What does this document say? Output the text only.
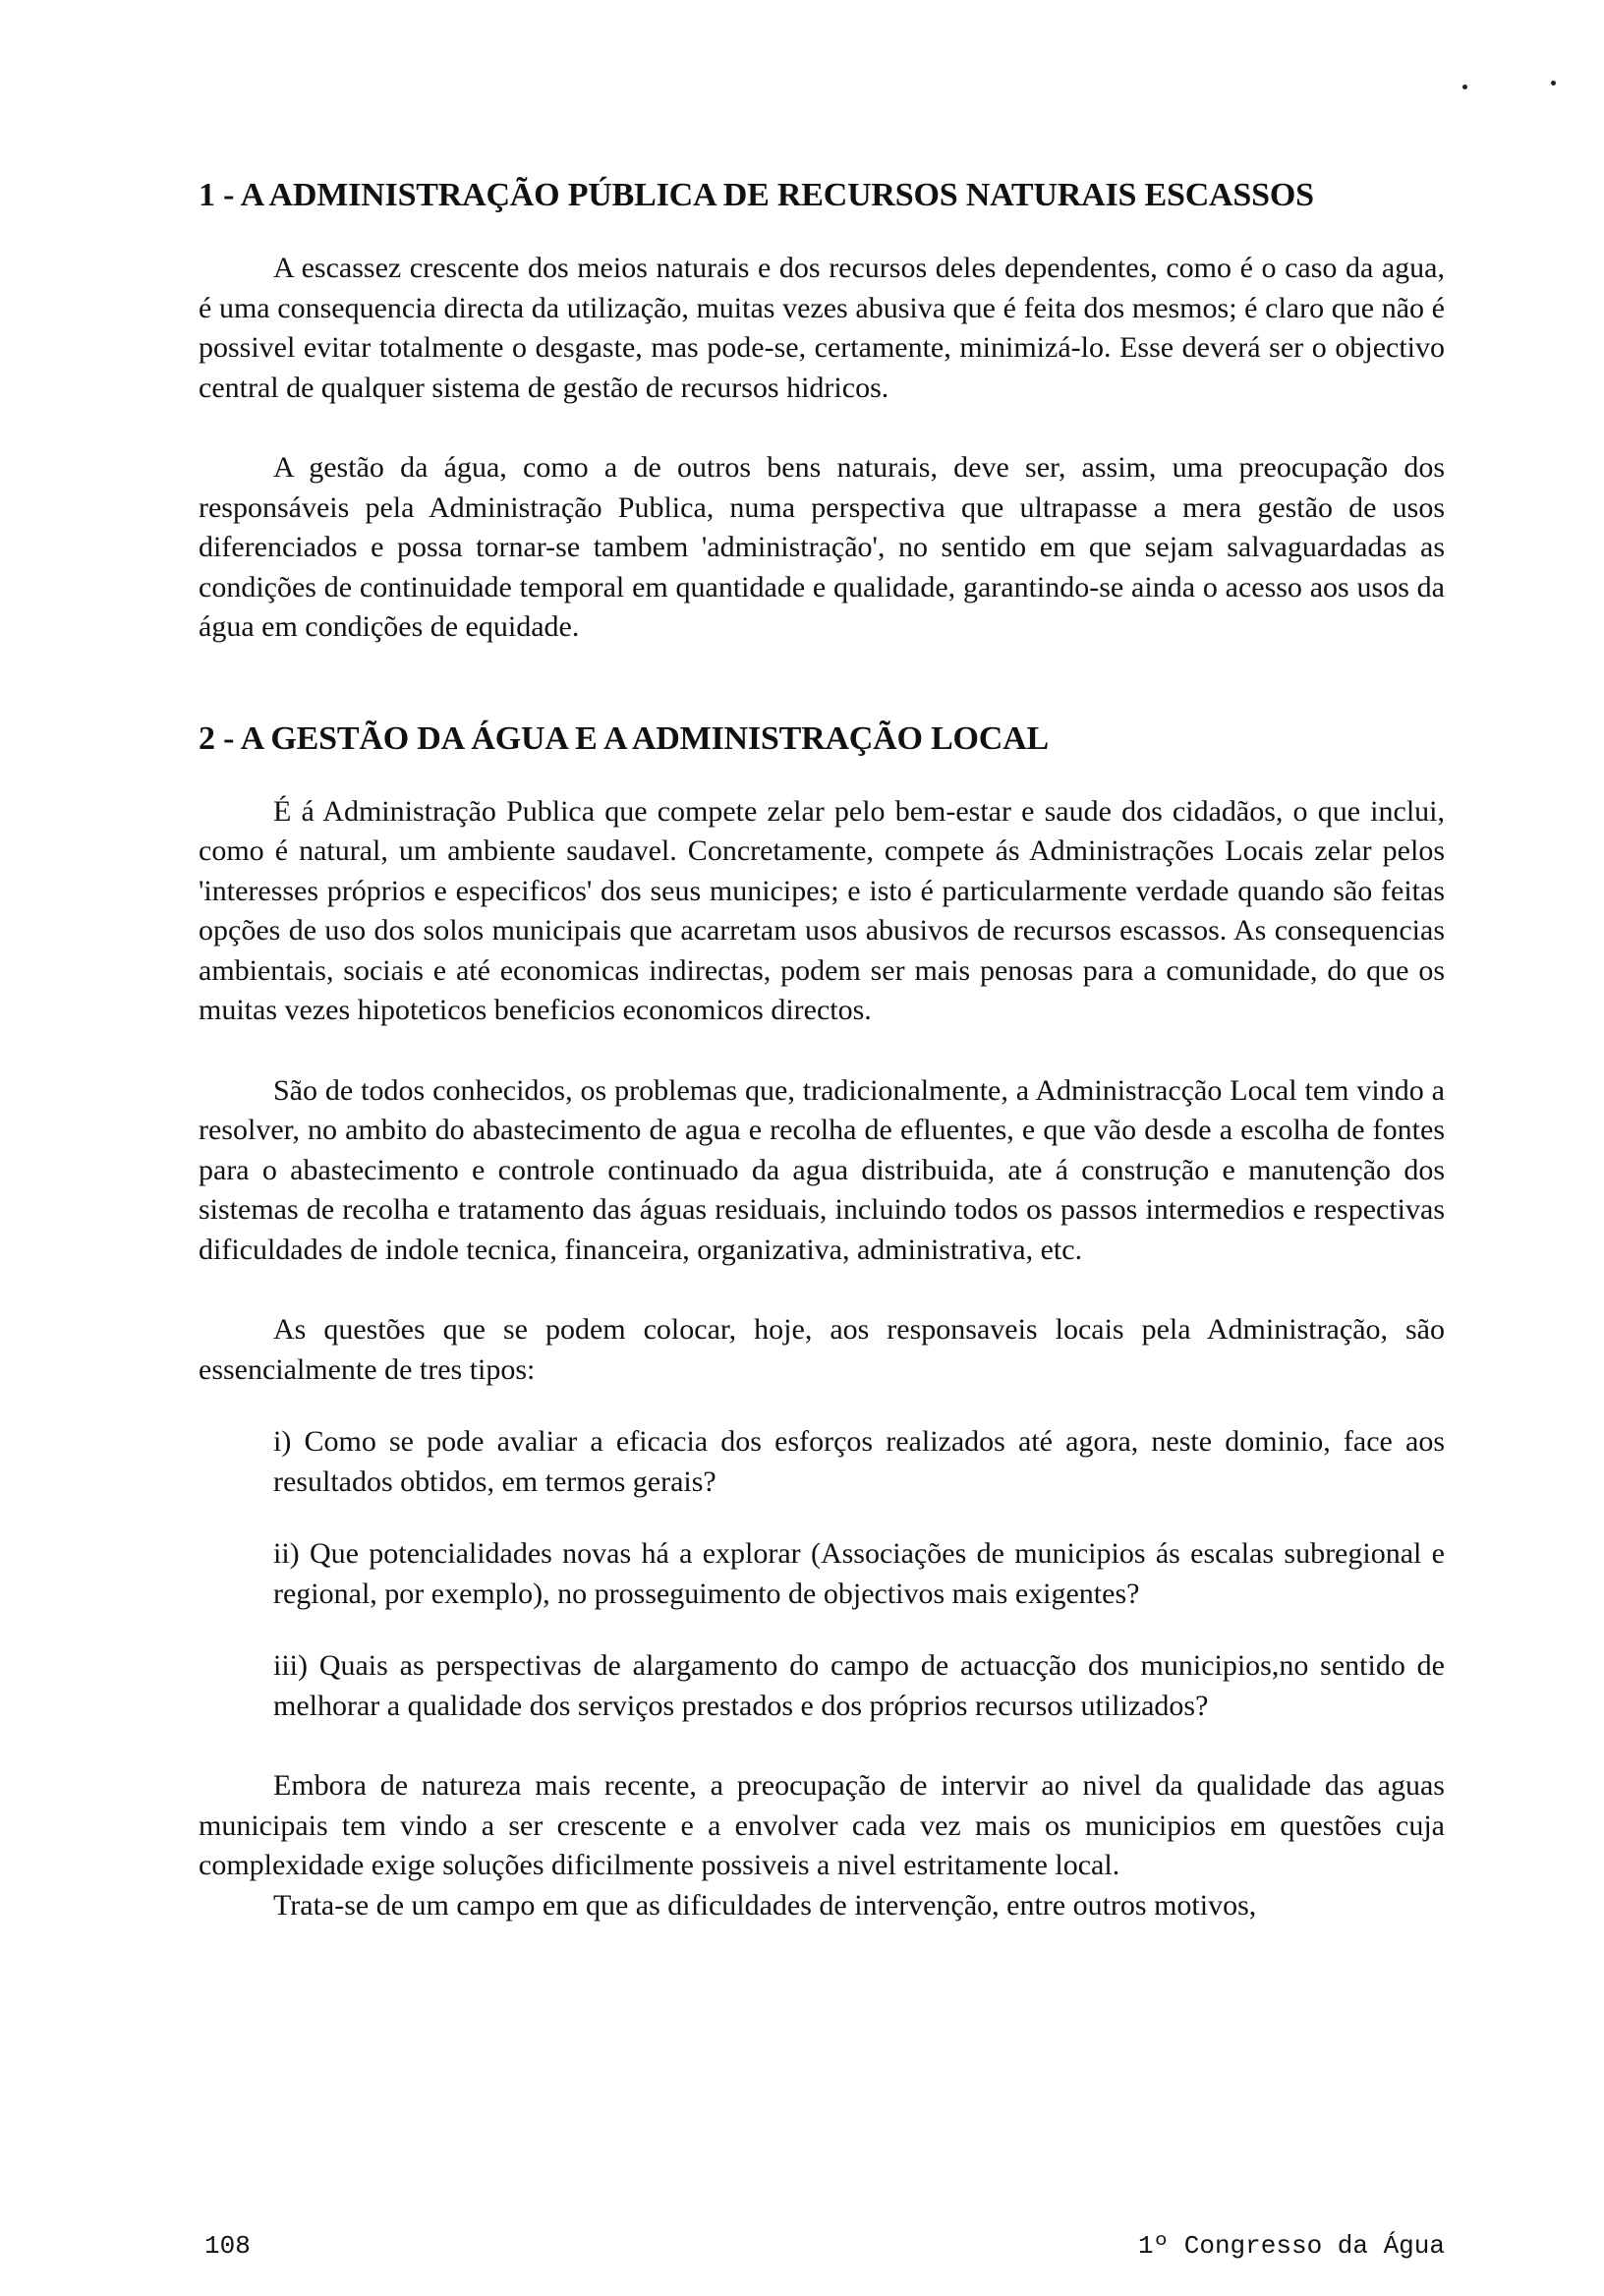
1 - A ADMINISTRAÇÃO PÚBLICA DE RECURSOS NATURAIS ESCASSOS

A escassez crescente dos meios naturais e dos recursos deles dependentes, como é o caso da agua, é uma consequencia directa da utilização, muitas vezes abusiva que é feita dos mesmos; é claro que não é possivel evitar totalmente o desgaste, mas pode-se, certamente, minimizá-lo. Esse deverá ser o objectivo central de qualquer sistema de gestão de recursos hidricos.

A gestão da água, como a de outros bens naturais, deve ser, assim, uma preocupação dos responsáveis pela Administração Publica, numa perspectiva que ultrapasse a mera gestão de usos diferenciados e possa tornar-se tambem 'administração', no sentido em que sejam salvaguardadas as condições de continuidade temporal em quantidade e qualidade, garantindo-se ainda o acesso aos usos da água em condições de equidade.

2 - A GESTÃO DA ÁGUA E A ADMINISTRAÇÃO LOCAL

É á Administração Publica que compete zelar pelo bem-estar e saude dos cidadãos, o que inclui, como é natural, um ambiente saudavel. Concretamente, compete ás Administrações Locais zelar pelos 'interesses próprios e especificos' dos seus municipes; e isto é particularmente verdade quando são feitas opções de uso dos solos municipais que acarretam usos abusivos de recursos escassos. As consequencias ambientais, sociais e até economicas indirectas, podem ser mais penosas para a comunidade, do que os muitas vezes hipoteticos beneficios economicos directos.

São de todos conhecidos, os problemas que, tradicionalmente, a Administracção Local tem vindo a resolver, no ambito do abastecimento de agua e recolha de efluentes, e que vão desde a escolha de fontes para o abastecimento e controle continuado da agua distribuida, ate á construção e manutenção dos sistemas de recolha e tratamento das águas residuais, incluindo todos os passos intermedios e respectivas dificuldades de indole tecnica, financeira, organizativa, administrativa, etc.

As questões que se podem colocar, hoje, aos responsaveis locais pela Administração, são essencialmente de tres tipos:

i) Como se pode avaliar a eficacia dos esforços realizados até agora, neste dominio, face aos resultados obtidos, em termos gerais?

ii) Que potencialidades novas há a explorar (Associações de municipios ás escalas subregional e regional, por exemplo), no prosseguimento de objectivos mais exigentes?

iii) Quais as perspectivas de alargamento do campo de actuacção dos municipios,no sentido de melhorar a qualidade dos serviços prestados e dos próprios recursos utilizados?

Embora de natureza mais recente, a preocupação de intervir ao nivel da qualidade das aguas municipais tem vindo a ser crescente e a envolver cada vez mais os municipios em questões cuja complexidade exige soluções dificilmente possiveis a nivel estritamente local.

Trata-se de um campo em que as dificuldades de intervenção, entre outros motivos,

108	1º Congresso da Água
